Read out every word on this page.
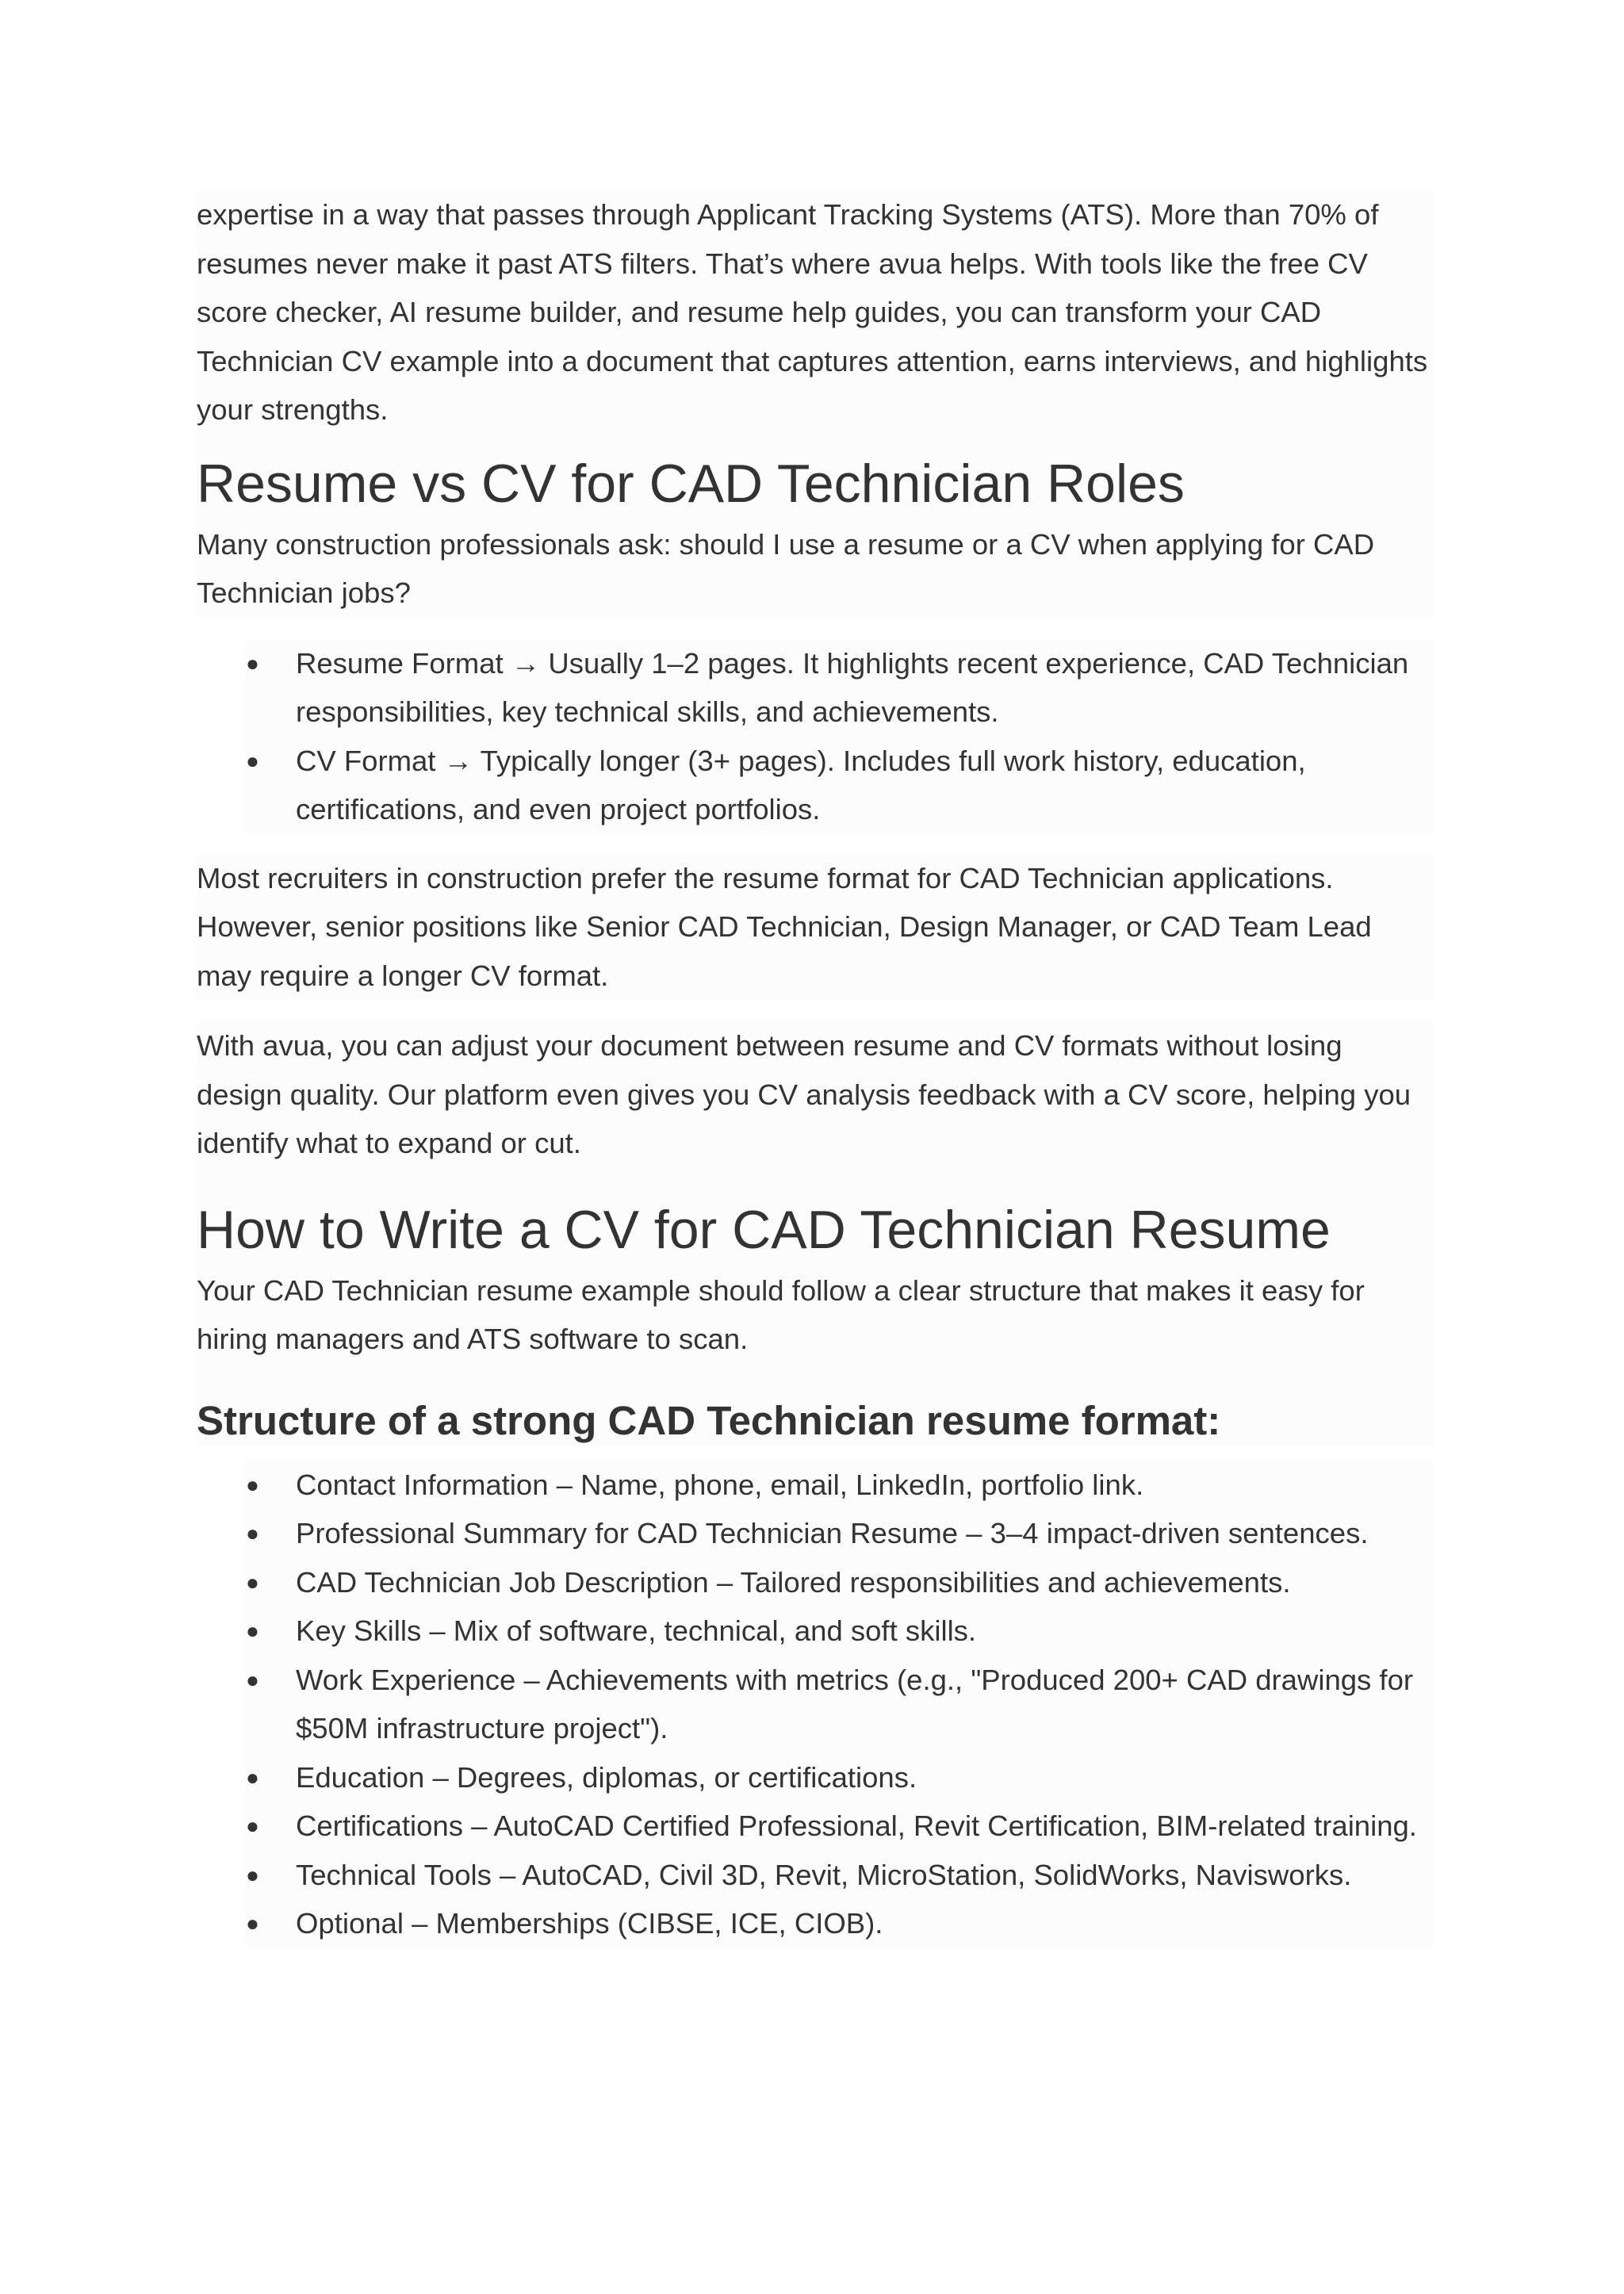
expertise in a way that passes through Applicant Tracking Systems (ATS). More than 70% of resumes never make it past ATS filters. That’s where avua helps. With tools like the free CV score checker, AI resume builder, and resume help guides, you can transform your CAD Technician CV example into a document that captures attention, earns interviews, and highlights your strengths.

Resume vs CV for CAD Technician Roles

Many construction professionals ask: should I use a resume or a CV when applying for CAD Technician jobs?

● Resume Format → Usually 1–2 pages. It highlights recent experience, CAD Technician responsibilities, key technical skills, and achievements.
● CV Format → Typically longer (3+ pages). Includes full work history, education, certifications, and even project portfolios.

Most recruiters in construction prefer the resume format for CAD Technician applications. However, senior positions like Senior CAD Technician, Design Manager, or CAD Team Lead may require a longer CV format.

With avua, you can adjust your document between resume and CV formats without losing design quality. Our platform even gives you CV analysis feedback with a CV score, helping you identify what to expand or cut.

How to Write a CV for CAD Technician Resume

Your CAD Technician resume example should follow a clear structure that makes it easy for hiring managers and ATS software to scan.

Structure of a strong CAD Technician resume format:
● Contact Information – Name, phone, email, LinkedIn, portfolio link.
● Professional Summary for CAD Technician Resume – 3–4 impact-driven sentences.
● CAD Technician Job Description – Tailored responsibilities and achievements.
● Key Skills – Mix of software, technical, and soft skills.
● Work Experience – Achievements with metrics (e.g., "Produced 200+ CAD drawings for $50M infrastructure project").
● Education – Degrees, diplomas, or certifications.
● Certifications – AutoCAD Certified Professional, Revit Certification, BIM-related training.
● Technical Tools – AutoCAD, Civil 3D, Revit, MicroStation, SolidWorks, Navisworks.
● Optional – Memberships (CIBSE, ICE, CIOB).
